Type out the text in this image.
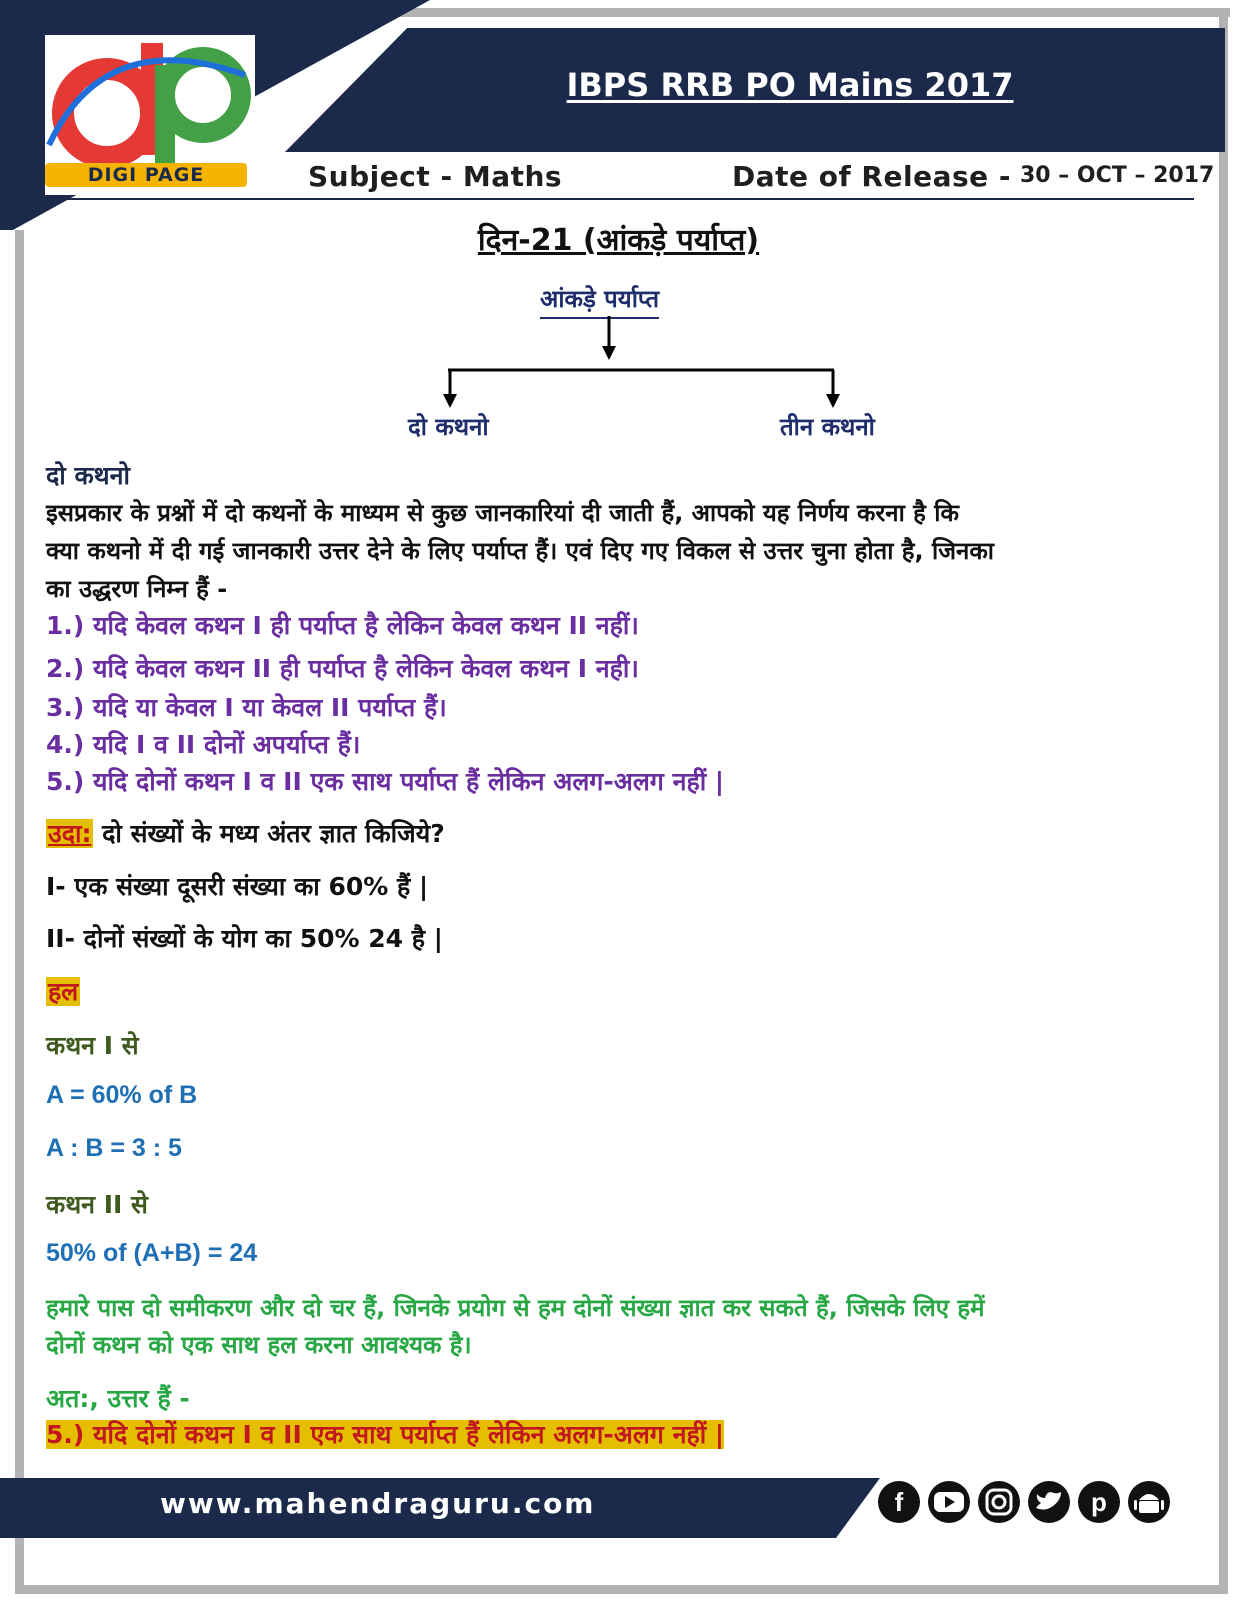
IBPS RRB PO Mains 2017
DIGI PAGE	Subject - Maths	Date of Release - 30 – OCT – 2017
दिन-21 (आंकड़े पर्याप्त)
आंकड़े पर्याप्त
दो कथनो	तीन कथनो
दो कथनो
इसप्रकार के प्रश्नों में दो कथनों के माध्यम से कुछ जानकारियां दी जाती हैं, आपको यह निर्णय करना है कि
क्या कथनो में दी गई जानकारी उत्तर देने के लिए पर्याप्त हैं। एवं दिए गए विकल से उत्तर चुना होता है, जिनका
का उद्धरण निम्न हैं -
1.) यदि केवल कथन I ही पर्याप्त है लेकिन केवल कथन II नहीं।
2.) यदि केवल कथन II ही पर्याप्त है लेकिन केवल कथन I नही।
3.) यदि या केवल I या केवल II पर्याप्त हैं।
4.) यदि I व II दोनों अपर्याप्त हैं।
5.) यदि दोनों कथन I व II एक साथ पर्याप्त हैं लेकिन अलग-अलग नहीं |
उदा: दो संख्यों के मध्य अंतर ज्ञात किजिये?
I- एक संख्या दूसरी संख्या का 60% हैं |
II- दोनों संख्यों के योग का 50% 24 है |
हल
कथन I से
A = 60% of B
A : B = 3 : 5
कथन II से
50% of (A+B) = 24
हमारे पास दो समीकरण और दो चर हैं, जिनके प्रयोग से हम दोनों संख्या ज्ञात कर सकते हैं, जिसके लिए हमें
दोनों कथन को एक साथ हल करना आवश्यक है।
अत:, उत्तर हैं -
5.) यदि दोनों कथन I व II एक साथ पर्याप्त हैं लेकिन अलग-अलग नहीं |
www.mahendraguru.com	f	p
